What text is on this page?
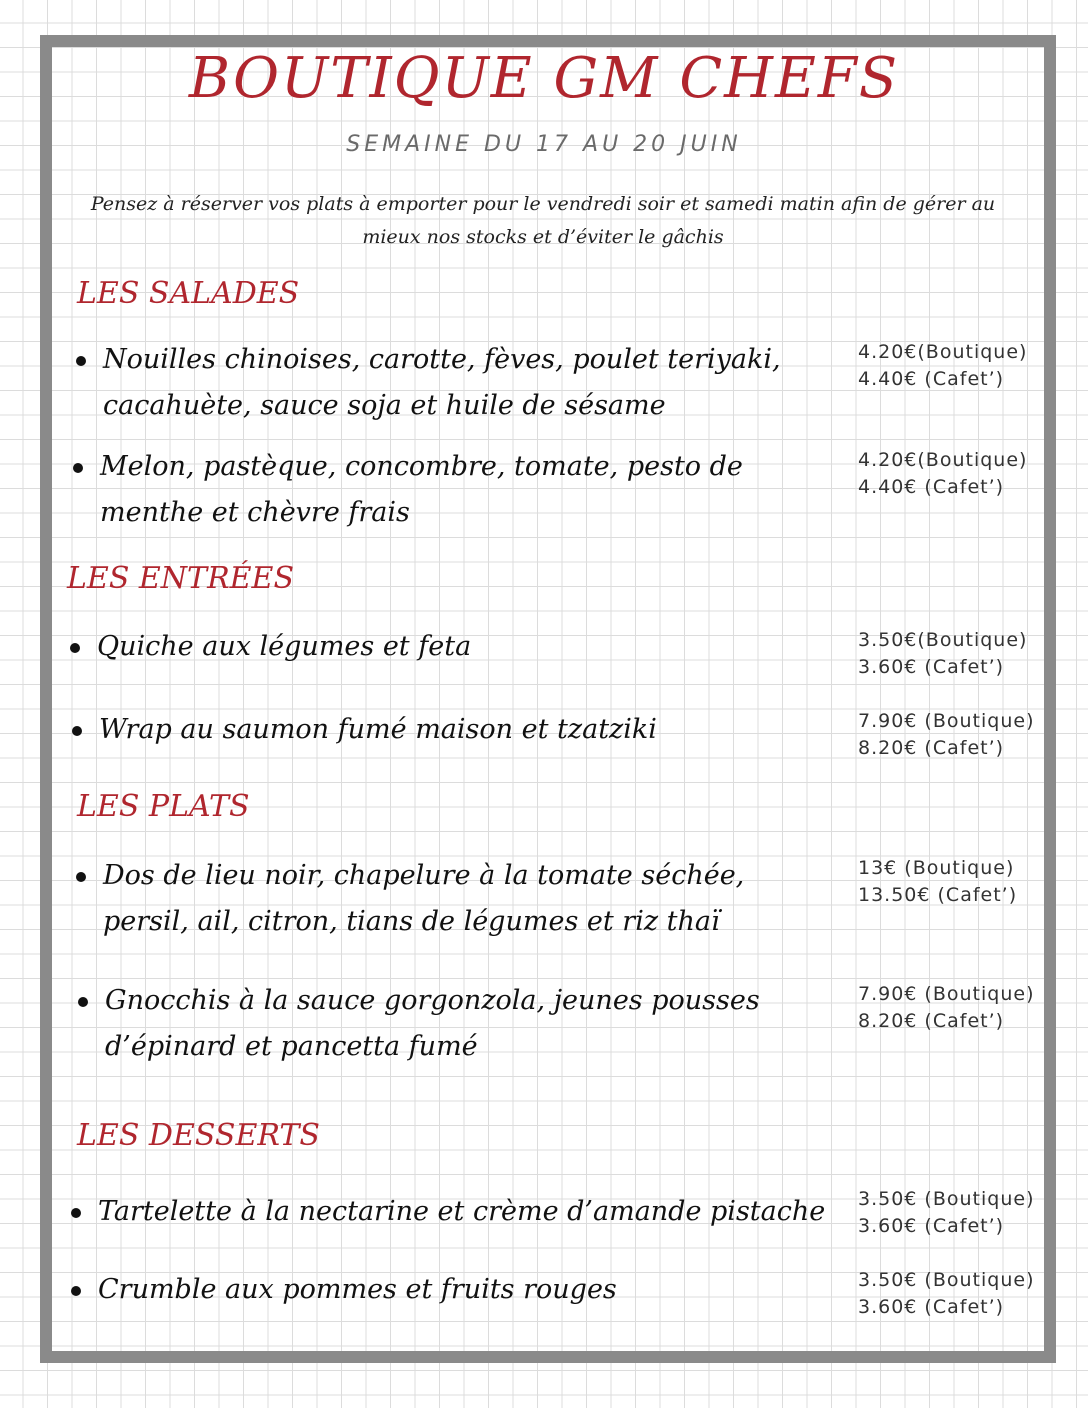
BOUTIQUE GM CHEFS
SEMAINE DU 17 AU 20 JUIN
Pensez à réserver vos plats à emporter pour le vendredi soir et samedi matin afin de gérer au mieux nos stocks et d’éviter le gâchis
LES SALADES
Nouilles chinoises, carotte, fèves, poulet teriyaki, cacahuète, sauce soja et huile de sésame
4.20€(Boutique)
4.40€ (Cafet’)
Melon, pastèque, concombre, tomate, pesto de menthe et chèvre frais
4.20€(Boutique)
4.40€ (Cafet’)
LES ENTRÉES
Quiche aux légumes et feta	3.50€(Boutique)
3.60€ (Cafet’)
Wrap au saumon fumé maison et tzatziki	7.90€ (Boutique)
8.20€ (Cafet’)
LES PLATS
Dos de lieu noir, chapelure à la tomate séchée, persil, ail, citron, tians de légumes et riz thaï
13€ (Boutique)
13.50€ (Cafet’)
Gnocchis à la sauce gorgonzola, jeunes pousses d’épinard et pancetta fumé
7.90€ (Boutique)
8.20€ (Cafet’)
LES DESSERTS
Tartelette à la nectarine et crème d’amande pistache	3.50€ (Boutique)
3.60€ (Cafet’)
Crumble aux pommes et fruits rouges	3.50€ (Boutique)
3.60€ (Cafet’)
